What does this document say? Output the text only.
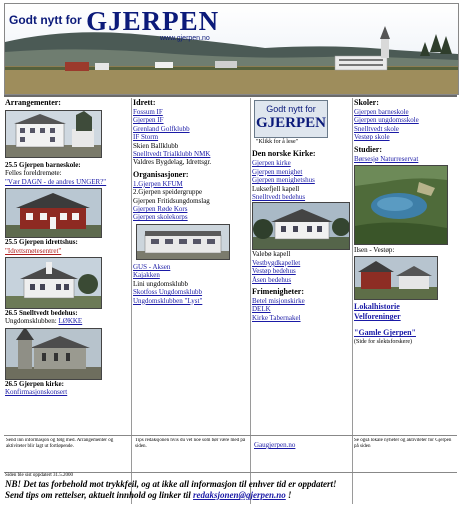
$^{Godt nytt for}$ GJERPEN
www.gjerpen.no
Arrangementer:
25.5 Gjerpen barneskole:
Felles foreldremøte:
"Vær DAGN - de andres UNGER?"
25.5 Gjerpen idrettshus:
"Idrettsmøtesentret"
26.5 Snelltvedt bedehus:
Ungdomsklubben: LØKKE
26.5 Gjerpen kirke:
Konfirmasjonskonsert
Idrett:
Fossum IF
Gjerpen IF
Grenland Golfklubb
IF Storm
Skien Ballklubb
Snelltvedt Trialklubb NMK
Valdres Bygdelag, Idrettsgr.
Organisasjoner:
1.Gjerpen KFUM
2.Gjerpen speidergruppe
Gjerpen Fritidsungdomslag
Gjerpen Røde Kors
Gjerpen skolekorps
GUS - Aksen
Kajakken
Lini ungdomsklubb
Skotfoss Ungdomsklubb
Ungdomsklubben "Lyst"
Godt nytt for
GJERPEN
"Klikk for å lese"
Den norske Kirke:
Gjerpen kirke
Gjerpen menighet
Gjerpen menighetshus
Luksefjell kapell
Snelltvedt bedehus
Valebø kapell
Vestbygdkapellet
Vestøp bedehus
Åsen bedehus
Frimenigheter:
Betel misjonskirke
DELK
Kirke Tabernakel
Skoler:
Gjerpen barneskole
Gjerpen ungdomsskole
Snelltvedt skole
Vestøp skole
Studier:
Børsesjø Naturreservat
Ilsen - Vestøp:
Lokalhistorie
Velforeninger
"Gamle Gjerpen"
(Side for slektsforskere)
Send inn informasjon og følg med. Arrangementer og aktiviteter blir lagt ut fortløpende.
Tips redaksjonen hvis du vet noe som bør være med på siden.	Gaugjerpen.no
Se også lokale nyheter og aktiviteter for Gjerpen på siden
Siden ble sist oppdatert 31.5.2000
NB! Det tas forbehold mot trykkfeil, og at ikke all informasjon til enhver tid er oppdatert!
Send tips om rettelser, aktuelt innhold og linker til redaksjonen@gjerpen.no !
